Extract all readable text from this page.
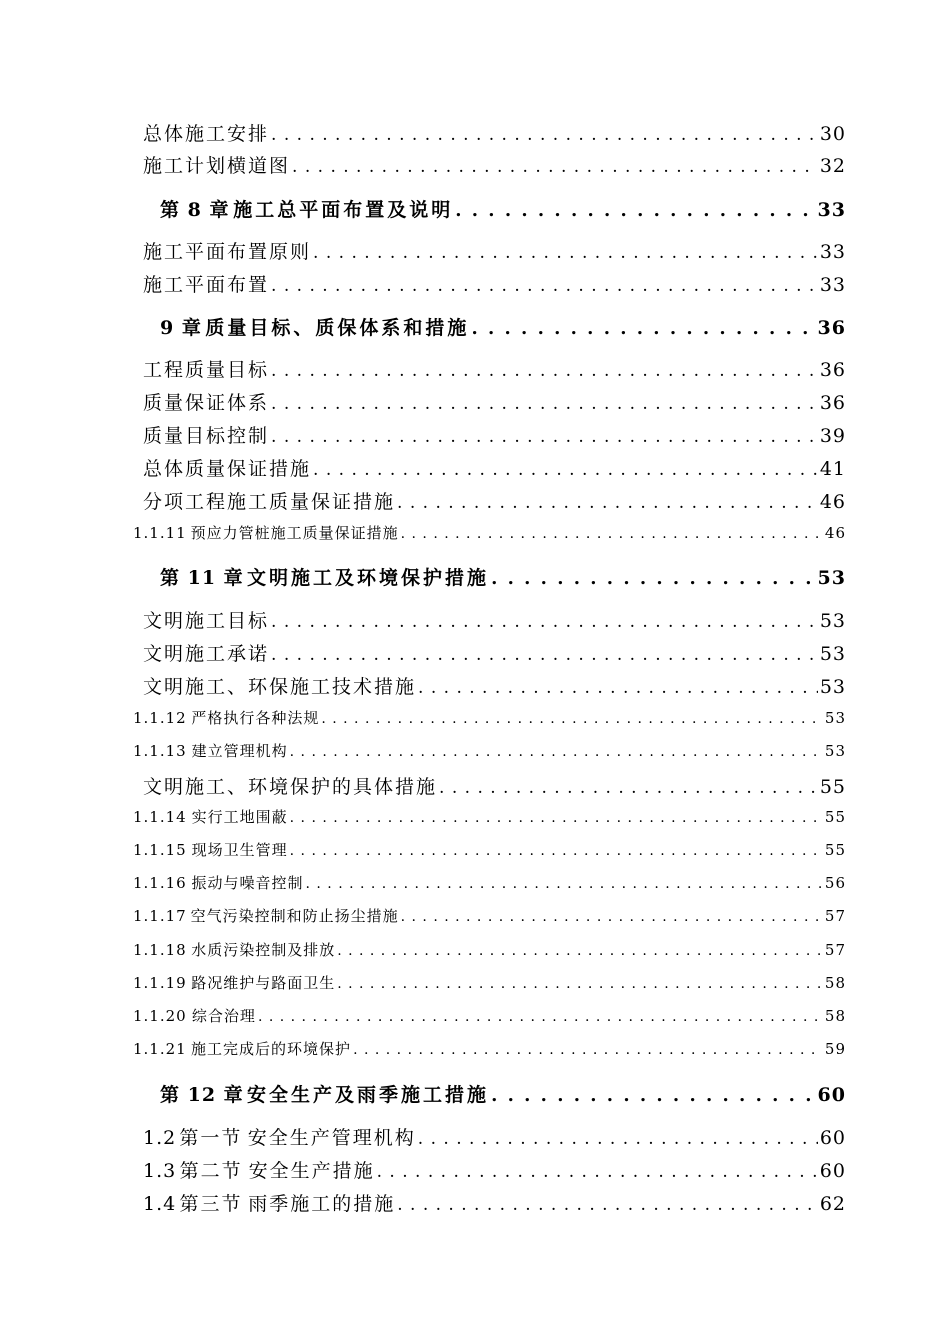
总体施工安排 . . .	30
施工计划横道图 . . .	32
第 8 章 施工总平面布置及说明 . . .	33
施工平面布置原则 . . .	33
施工平面布置 . . .	33
9 章 质量目标、质保体系和措施 . . .	36
工程质量目标 . . .	36
质量保证体系 . . .	36
质量目标控制 . . .	39
总体质量保证措施 . . .	41
分项工程施工质量保证措施 . . .	46
1.1.11 预应力管桩施工质量保证措施 . . .	46
第 11 章 文明施工及环境保护措施 . . .	53
文明施工目标 . . .	53
文明施工承诺 . . .	53
文明施工、环保施工技术措施 . . .	53
1.1.12 严格执行各种法规 . . .	53
1.1.13 建立管理机构 . . .	53
文明施工、环境保护的具体措施 . . .	55
1.1.14 实行工地围蔽 . . .	55
1.1.15 现场卫生管理 . . .	55
1.1.16 振动与噪音控制 . . .	56
1.1.17 空气污染控制和防止扬尘措施 . . .	57
1.1.18 水质污染控制及排放 . . .	57
1.1.19 路况维护与路面卫生 . . .	58
1.1.20 综合治理 . . .	58
1.1.21 施工完成后的环境保护 . . .	59
第 12 章 安全生产及雨季施工措施 . . .	60
1.2 第一节 安全生产管理机构 . . .	60
1.3 第二节 安全生产措施 . . .	60
1.4 第三节 雨季施工的措施 . . .	62
